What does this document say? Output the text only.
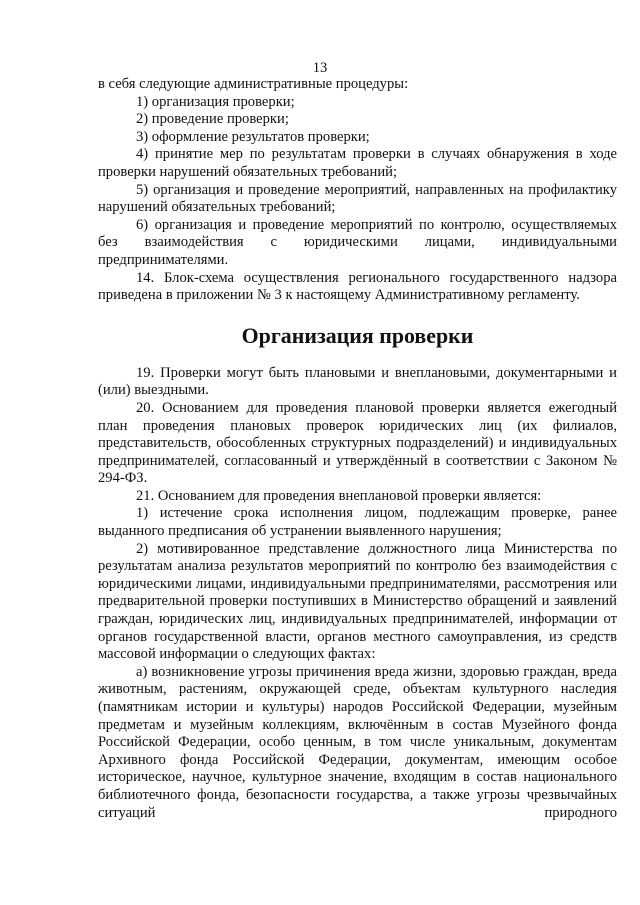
13

в себя следующие административные процедуры:

1) организация проверки;

2) проведение проверки;

3) оформление результатов проверки;

4) принятие мер по результатам проверки в случаях обнаружения в ходе проверки нарушений обязательных требований;

5) организация и проведение мероприятий, направленных на профилактику нарушений обязательных требований;

6) организация и проведение мероприятий по контролю, осуществляемых без взаимодействия с юридическими лицами, индивидуальными предпринимателями.

14. Блок-схема осуществления регионального государственного надзора приведена в приложении № 3 к настоящему Административному регламенту.

Организация проверки

19. Проверки могут быть плановыми и внеплановыми, документарными и (или) выездными.

20. Основанием для проведения плановой проверки является ежегодный план проведения плановых проверок юридических лиц (их филиалов, представительств, обособленных структурных подразделений) и индивидуальных предпринимателей, согласованный и утверждённый в соответствии с Законом № 294-ФЗ.

21. Основанием для проведения внеплановой проверки является:

1) истечение срока исполнения лицом, подлежащим проверке, ранее выданного предписания об устранении выявленного нарушения;

2) мотивированное представление должностного лица Министерства по результатам анализа результатов мероприятий по контролю без взаимодействия с юридическими лицами, индивидуальными предпринимателями, рассмотрения или предварительной проверки поступивших в Министерство обращений и заявлений граждан, юридических лиц, индивидуальных предпринимателей, информации от органов государственной власти, органов местного самоуправления, из средств массовой информации о следующих фактах:

а) возникновение угрозы причинения вреда жизни, здоровью граждан, вреда животным, растениям, окружающей среде, объектам культурного наследия (памятникам истории и культуры) народов Российской Федерации, музейным предметам и музейным коллекциям, включённым в состав Музейного фонда Российской Федерации, особо ценным, в том числе уникальным, документам Архивного фонда Российской Федерации, документам, имеющим особое историческое, научное, культурное значение, входящим в состав национального библиотечного фонда, безопасности государства, а также угрозы чрезвычайных ситуаций природного
